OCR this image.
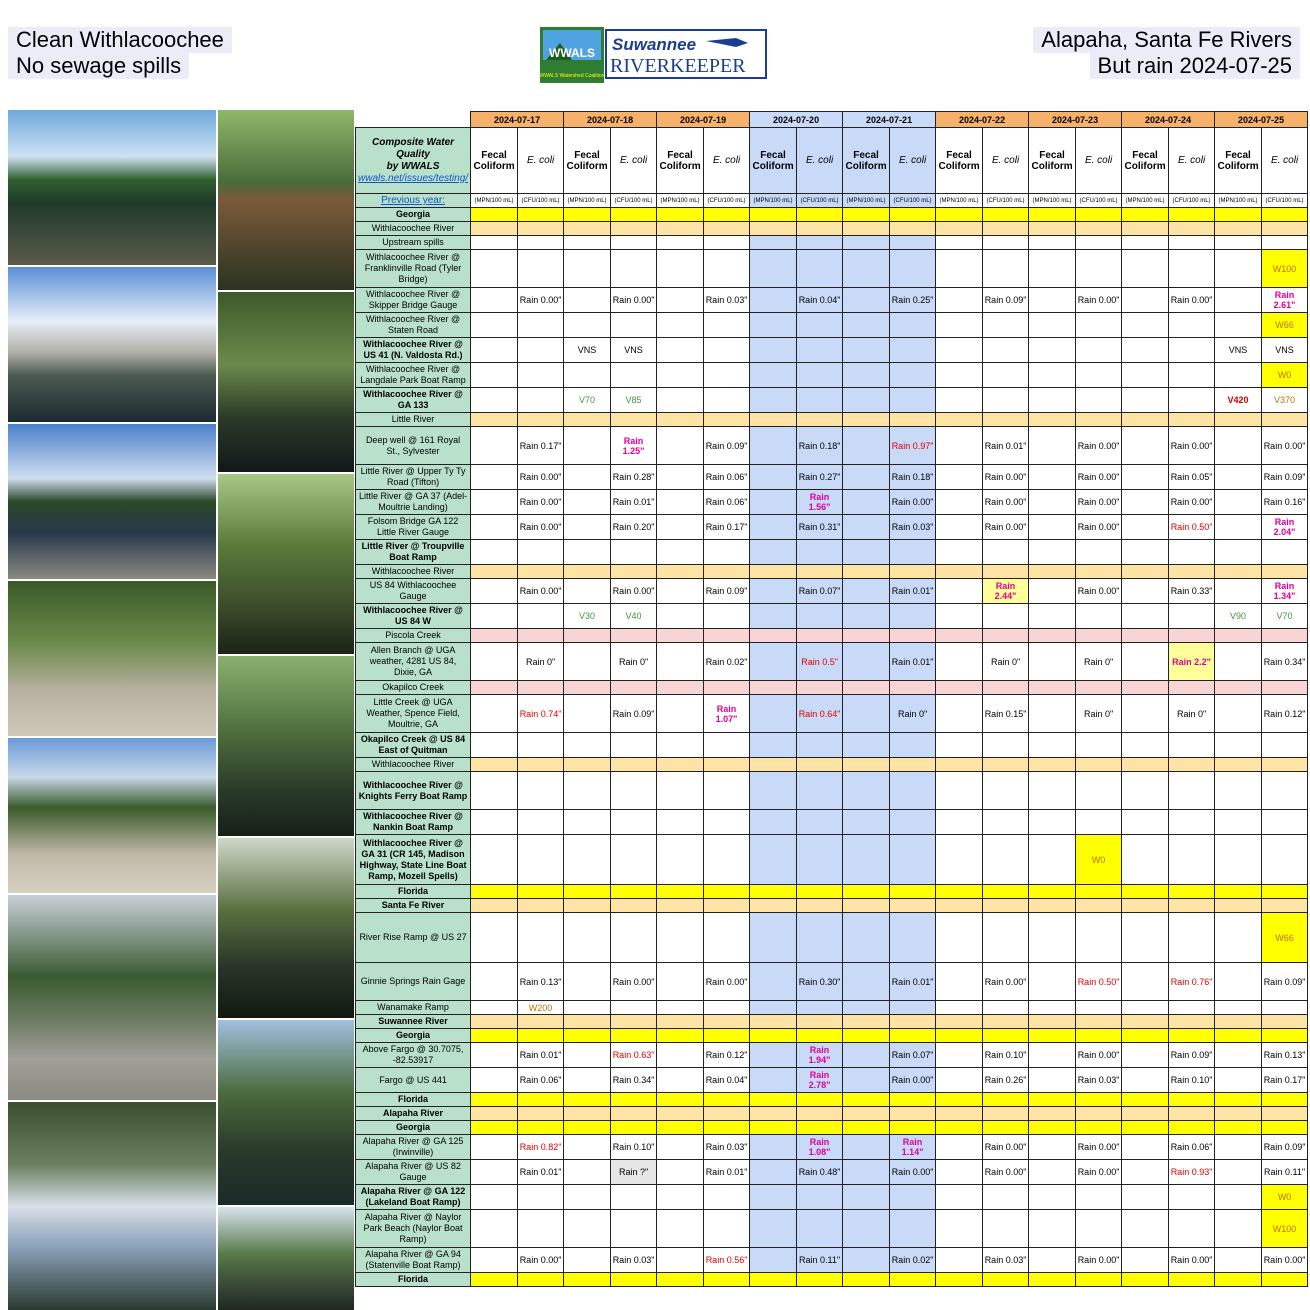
Clean Withlacoochee
No sewage spills
Alapaha, Santa Fe Rivers
But rain 2024-07-25
WWALS
WWALS Watershed Coalition
Suwannee
RIVERKEEPER
	2024-07-17		2024-07-18		2024-07-19		2024-07-20		2024-07-21		2024-07-22		2024-07-23		2024-07-24		2024-07-25	

Composite Water Quality
by WWALS
wwals.net/issues/testing/	Fecal Coliform	E. coli	Fecal Coliform	E. coli	Fecal Coliform	E. coli	Fecal Coliform	E. coli	Fecal Coliform	E. coli	Fecal Coliform	E. coli	Fecal Coliform	E. coli	Fecal Coliform	E. coli	Fecal Coliform	E. coli
Previous year:	(MPN/100 mL)	(CFU/100 mL)	(MPN/100 mL)	(CFU/100 mL)	(MPN/100 mL)	(CFU/100 mL)	(MPN/100 mL)	(CFU/100 mL)	(MPN/100 mL)	(CFU/100 mL)	(MPN/100 mL)	(CFU/100 mL)	(MPN/100 mL)	(CFU/100 mL)	(MPN/100 mL)	(CFU/100 mL)	(MPN/100 mL)	(CFU/100 mL)
Georgia																		
Withlacoochee River																		
Upstream spills																		
Withlacoochee River @ Franklinville Road (Tyler Bridge)																		W100
Withlacoochee River @ Skipper Bridge Gauge		Rain 0.00"		Rain 0.00"		Rain 0.03"		Rain 0.04"		Rain 0.25"		Rain 0.09"		Rain 0.00"		Rain 0.00"		Rain 2.61"
Withlacoochee River @ Staten Road																		W66
Withlacoochee River @ US 41 (N. Valdosta Rd.)			VNS	VNS													VNS	VNS
Withlacoochee River @ Langdale Park Boat Ramp																		W0
Withlacoochee River @ GA 133			V70	V85													V420	V370
Little River																		
Deep well @ 161 Royal St., Sylvester		Rain 0.17"		Rain 1.25"		Rain 0.09"		Rain 0.18"		Rain 0.97"		Rain 0.01"		Rain 0.00"		Rain 0.00"		Rain 0.00"
Little River @ Upper Ty Ty Road (Tifton)		Rain 0.00"		Rain 0.28"		Rain 0.06"		Rain 0.27"		Rain 0.18"		Rain 0.00"		Rain 0.00"		Rain 0.05"		Rain 0.09"
Little River @ GA 37 (Adel-Moultrie Landing)		Rain 0.00"		Rain 0.01"		Rain 0.06"		Rain 1.56"		Rain 0.00"		Rain 0.00"		Rain 0.00"		Rain 0.00"		Rain 0.16"
Folsom Bridge GA 122 Little River Gauge		Rain 0.00"		Rain 0.20"		Rain 0.17"		Rain 0.31"		Rain 0.03"		Rain 0.00"		Rain 0.00"		Rain 0.50"		Rain 2.04"
Little River @ Troupville Boat Ramp																		
Withlacoochee River																		
US 84 Withlacoochee Gauge		Rain 0.00"		Rain 0.00"		Rain 0.09"		Rain 0.07"		Rain 0.01"		Rain 2.44"		Rain 0.00"		Rain 0.33"		Rain 1.34"
Withlacoochee River @ US 84 W			V30	V40													V90	V70
Piscola Creek																		
Allen Branch @ UGA weather, 4281 US 84, Dixie, GA		Rain 0"		Rain 0"		Rain 0.02"		Rain 0.5"		Rain 0.01"		Rain 0"		Rain 0"		Rain 2.2"		Rain 0.34"
Okapilco Creek																		
Little Creek @ UGA Weather, Spence Field, Moultrie, GA		Rain 0.74"		Rain 0.09"		Rain 1.07"		Rain 0.64"		Rain 0"		Rain 0.15"		Rain 0"		Rain 0"		Rain 0.12"
Okapilco Creek @ US 84 East of Quitman																		
Withlacoochee River																		
Withlacoochee River @ Knights Ferry Boat Ramp																		
Withlacoochee River @ Nankin Boat Ramp																		
Withlacoochee River @ GA 31 (CR 145, Madison Highway, State Line Boat Ramp, Mozell Spells)														W0				
Florida																		
Santa Fe River																		
River Rise Ramp @ US 27																		W66
Ginnie Springs Rain Gage		Rain 0.13"		Rain 0.00"		Rain 0.00"		Rain 0.30"		Rain 0.01"		Rain 0.00"		Rain 0.50"		Rain 0.76"		Rain 0.09"
Wanamake Ramp		W200																
Suwannee River																		
Georgia																		
Above Fargo @ 30.7075, -82.53917		Rain 0.01"		Rain 0.63"		Rain 0.12"		Rain 1.94"		Rain 0.07"		Rain 0.10"		Rain 0.00"		Rain 0.09"		Rain 0.13"
Fargo @ US 441		Rain 0.06"		Rain 0.34"		Rain 0.04"		Rain 2.78"		Rain 0.00"		Rain 0.26"		Rain 0.03"		Rain 0.10"		Rain 0.17"
Florida																		
Alapaha River																		
Georgia																		
Alapaha River @ GA 125 (Irwinville)		Rain 0.82"		Rain 0.10"		Rain 0.03"		Rain 1.08"		Rain 1.14"		Rain 0.00"		Rain 0.00"		Rain 0.06"		Rain 0.09"
Alapaha River @ US 82 Gauge		Rain 0.01"		Rain ?"		Rain 0.01"		Rain 0.48"		Rain 0.00"		Rain 0.00"		Rain 0.00"		Rain 0.93"		Rain 0.11"
Alapaha River @ GA 122 (Lakeland Boat Ramp)																		W0
Alapaha River @ Naylor Park Beach (Naylor Boat Ramp)																		W100
Alapaha River @ GA 94 (Statenville Boat Ramp)		Rain 0.00"		Rain 0.03"		Rain 0.56"		Rain 0.11"		Rain 0.02"		Rain 0.03"		Rain 0.00"		Rain 0.00"		Rain 0.00"
Florida																		
